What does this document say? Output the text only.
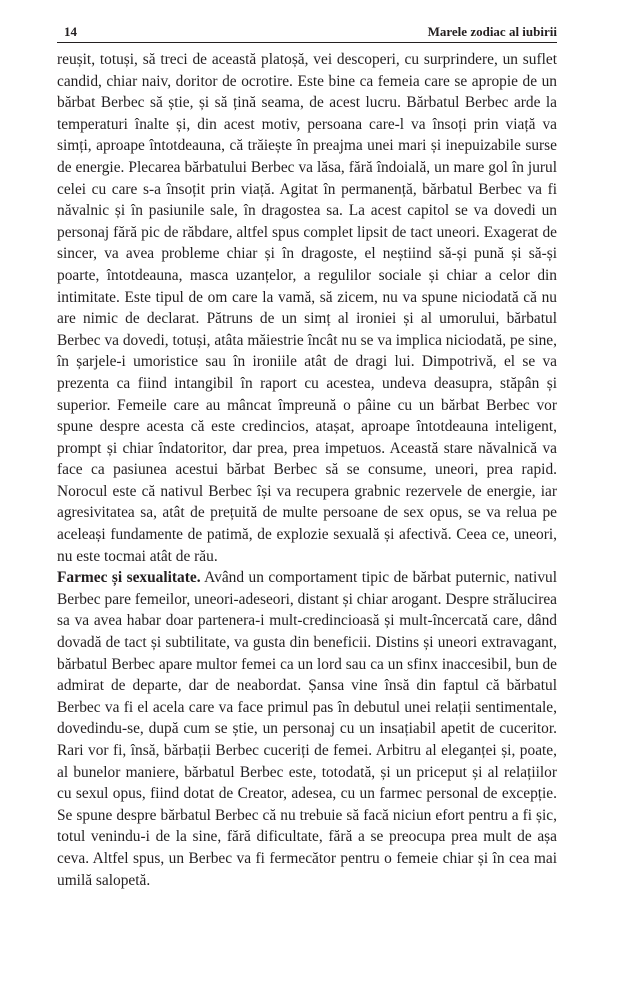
14	Marele zodiac al iubirii

reușit, totuși, să treci de această platoșă, vei descoperi, cu surprindere, un suflet candid, chiar naiv, doritor de ocrotire. Este bine ca femeia care se apropie de un bărbat Berbec să știe, și să țină seama, de acest lucru. Bărbatul Berbec arde la temperaturi înalte și, din acest motiv, persoana care-l va însoți prin viață va simți, aproape întotdeauna, că trăiește în preajma unei mari și inepuizabile surse de energie. Plecarea bărbatului Berbec va lăsa, fără îndoială, un mare gol în jurul celei cu care s-a însoțit prin viață. Agitat în permanență, bărbatul Berbec va fi năvalnic și în pasiunile sale, în dragostea sa. La acest capitol se va dovedi un personaj fără pic de răbdare, altfel spus complet lipsit de tact uneori. Exagerat de sincer, va avea probleme chiar și în dragoste, el neștiind să-și pună și să-și poarte, întotdeauna, masca uzanțelor, a regulilor sociale și chiar a celor din intimitate. Este tipul de om care la vamă, să zicem, nu va spune niciodată că nu are nimic de declarat. Pătruns de un simț al ironiei și al umorului, bărbatul Berbec va dovedi, totuși, atâta măiestrie încât nu se va implica niciodată, pe sine, în șarjele-i umoristice sau în ironiile atât de dragi lui. Dimpotrivă, el se va prezenta ca fiind intangibil în raport cu acestea, undeva deasupra, stăpân și superior. Femeile care au mâncat împreună o pâine cu un bărbat Berbec vor spune despre acesta că este credincios, atașat, aproape întotdeauna inteligent, prompt și chiar îndatoritor, dar prea, prea impetuos. Această stare năvalnică va face ca pasiunea acestui bărbat Berbec să se consume, uneori, prea rapid. Norocul este că nativul Berbec își va recupera grabnic rezervele de energie, iar agresivitatea sa, atât de prețuită de multe persoane de sex opus, se va relua pe aceleași fundamente de patimă, de explozie sexuală și afectivă. Ceea ce, uneori, nu este tocmai atât de rău.

Farmec și sexualitate. Având un comportament tipic de bărbat puternic, nativul Berbec pare femeilor, uneori-adeseori, distant și chiar arogant. Despre strălucirea sa va avea habar doar partenera-i mult-credincioasă și mult-încercată care, dând dovadă de tact și subtilitate, va gusta din beneficii. Distins și uneori extravagant, bărbatul Berbec apare multor femei ca un lord sau ca un sfinx inaccesibil, bun de admirat de departe, dar de neabordat. Șansa vine însă din faptul că bărbatul Berbec va fi el acela care va face primul pas în debutul unei relații sentimentale, dovedindu-se, după cum se știe, un personaj cu un insațiabil apetit de cuceritor. Rari vor fi, însă, bărbații Berbec cuceriți de femei. Arbitru al eleganței și, poate, al bunelor maniere, bărbatul Berbec este, totodată, și un priceput și al relațiilor cu sexul opus, fiind dotat de Creator, adesea, cu un farmec personal de excepție. Se spune despre bărbatul Berbec că nu trebuie să facă niciun efort pentru a fi șic, totul venindu-i de la sine, fără dificultate, fără a se preocupa prea mult de așa ceva. Altfel spus, un Berbec va fi fermecător pentru o femeie chiar și în cea mai umilă salopetă.
